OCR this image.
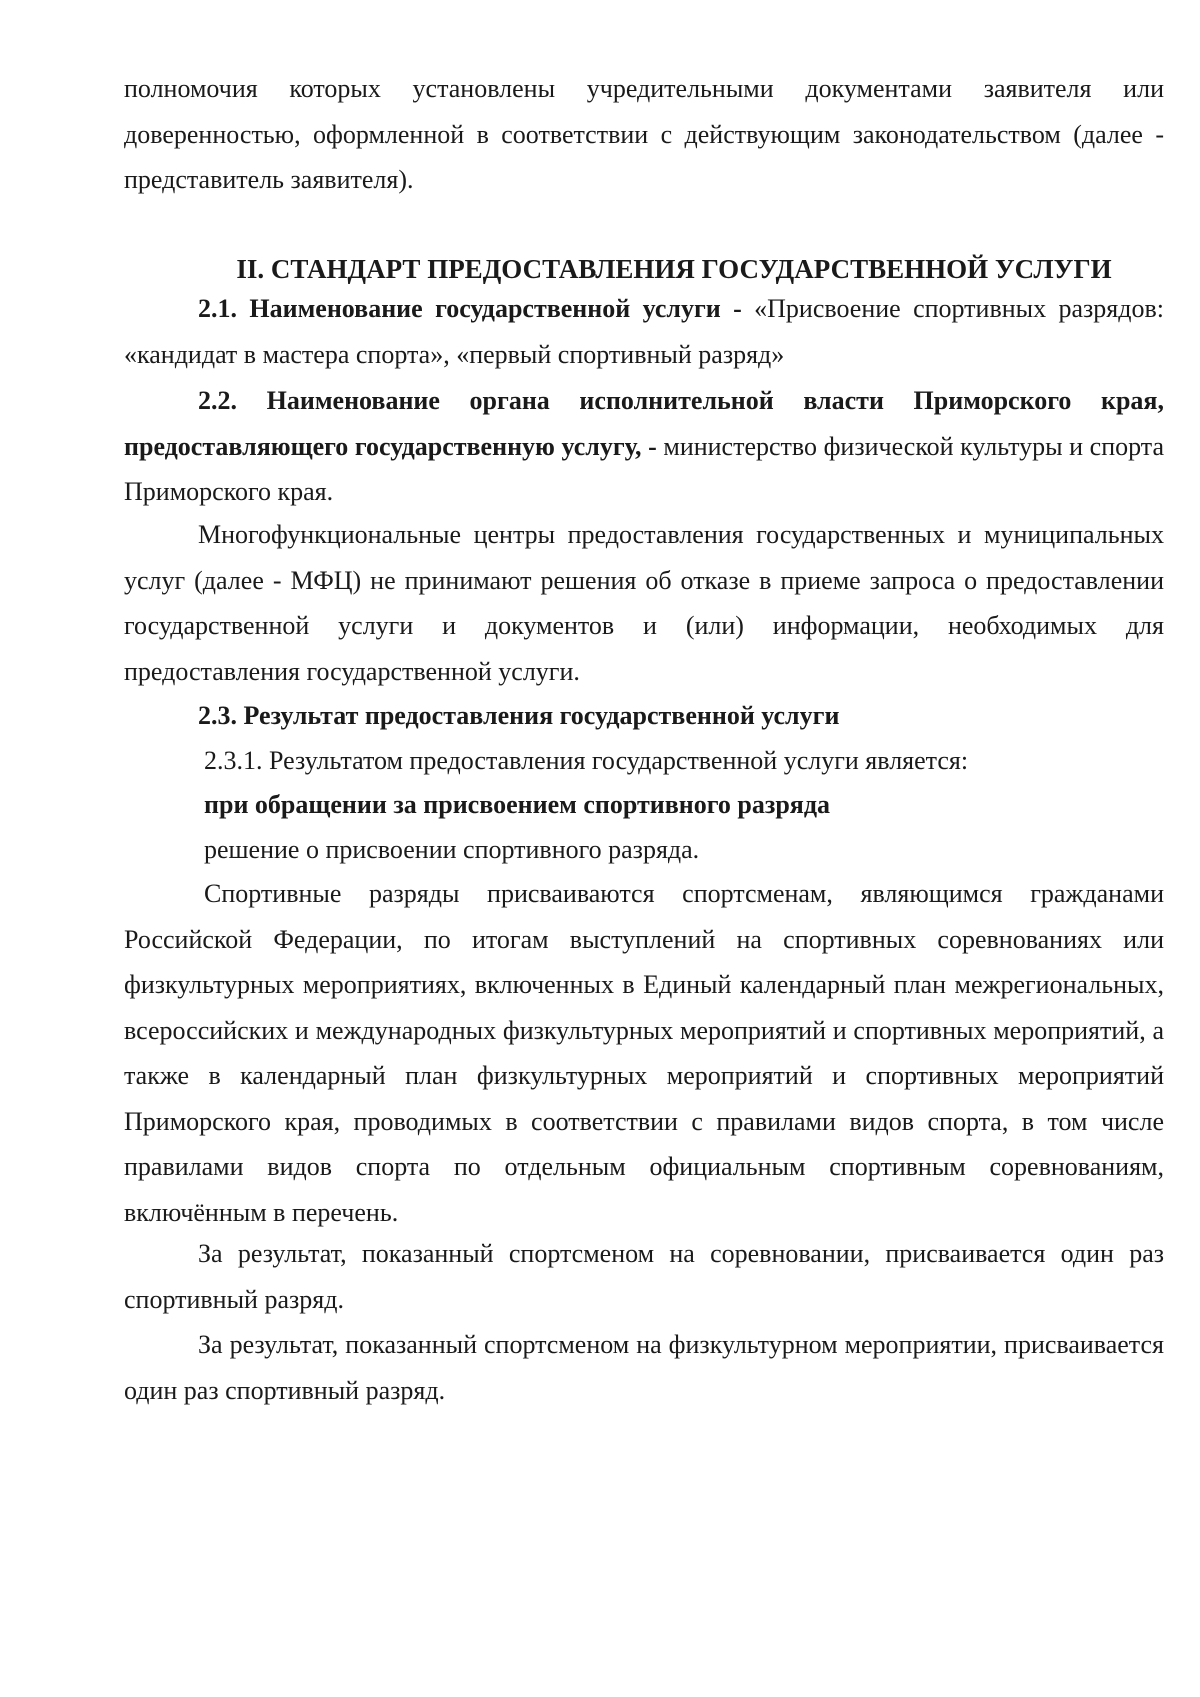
полномочия которых установлены учредительными документами заявителя или доверенностью, оформленной в соответствии с действующим законодательством (далее - представитель заявителя).

II. СТАНДАРТ ПРЕДОСТАВЛЕНИЯ ГОСУДАРСТВЕННОЙ УСЛУГИ

2.1. Наименование государственной услуги - «Присвоение спортивных разрядов: «кандидат в мастера спорта», «первый спортивный разряд»

2.2. Наименование органа исполнительной власти Приморского края, предоставляющего государственную услугу, - министерство физической культуры и спорта Приморского края.

Многофункциональные центры предоставления государственных и муниципальных услуг (далее - МФЦ) не принимают решения об отказе в приеме запроса о предоставлении государственной услуги и документов и (или) информации, необходимых для предоставления государственной услуги.

2.3. Результат предоставления государственной услуги

2.3.1. Результатом предоставления государственной услуги является:

при обращении за присвоением спортивного разряда

решение о присвоении спортивного разряда.

Спортивные разряды присваиваются спортсменам, являющимся гражданами Российской Федерации, по итогам выступлений на спортивных соревнованиях или физкультурных мероприятиях, включенных в Единый календарный план межрегиональных, всероссийских и международных физкультурных мероприятий и спортивных мероприятий, а также в календарный план физкультурных мероприятий и спортивных мероприятий Приморского края, проводимых в соответствии с правилами видов спорта, в том числе правилами видов спорта по отдельным официальным спортивным соревнованиям, включённым в перечень.

За результат, показанный спортсменом на соревновании, присваивается один раз спортивный разряд.

За результат, показанный спортсменом на физкультурном мероприятии, присваивается один раз спортивный разряд.
